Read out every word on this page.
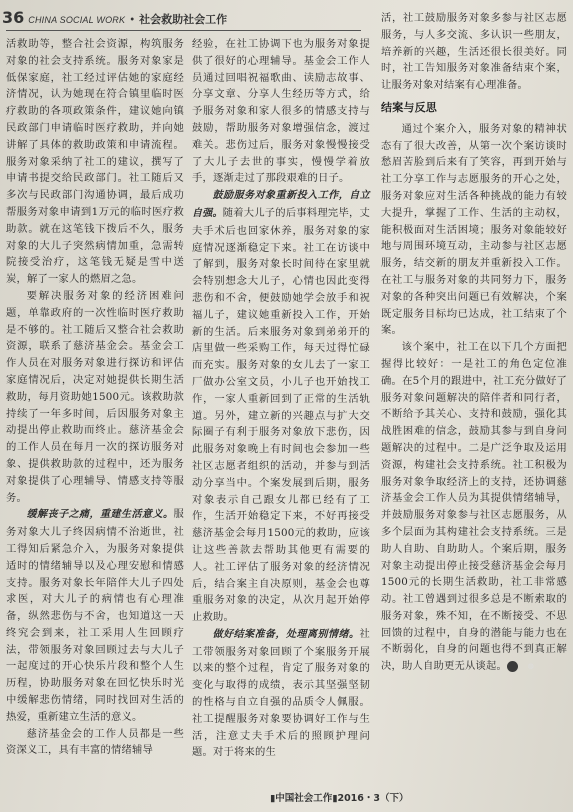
36 CHINA SOCIAL WORK • 社会救助社会工作

活救助等，整合社会资源，构筑服务对象的社会支持系统。服务对象家是低保家庭，社工经过评估她的家庭经济情况，认为她现在符合镇里临时医疗救助的各项政策条件，建议她向镇民政部门申请临时医疗救助，并向她讲解了具体的救助政策和申请流程。服务对象采纳了社工的建议，撰写了申请书提交给民政部门。社工随后又多次与民政部门沟通协调，最后成功帮服务对象申请到1万元的临时医疗救助款。就在这笔钱下拨后不久，服务对象的大儿子突然病情加重，急需转院接受治疗，这笔钱无疑是雪中送炭，解了一家人的燃眉之急。

要解决服务对象的经济困难问题，单靠政府的一次性临时医疗救助是不够的。社工随后又整合社会救助资源，联系了慈济基金会。基金会工作人员在对服务对象进行探访和评估家庭情况后，决定对她提供长期生活救助，每月资助她1500元。该救助款持续了一年多时间，后因服务对象主动提出停止救助而终止。慈济基金会的工作人员在每月一次的探访服务对象、提供救助款的过程中，还为服务对象提供了心理辅导、情感支持等服务。

缓解丧子之痛，重建生活意义。服务对象大儿子终因病情不治逝世，社工得知后紧急介入，为服务对象提供适时的情绪辅导以及心理安慰和情感支持。服务对象长年陪伴大儿子四处求医，对大儿子的病情也有心理准备，纵然悲伤与不舍，也知道这一天终究会到来，社工采用人生回顾疗法，带领服务对象回顾过去与大儿子一起度过的开心快乐片段和整个人生历程，协助服务对象在回忆快乐时光中缓解悲伤情绪，同时找回对生活的热爱，重新建立生活的意义。

慈济基金会的工作人员都是一些资深义工，具有丰富的情绪辅导

经验，在社工协调下也为服务对象提供了很好的心理辅导。基金会工作人员通过回唱祝福歌曲、读励志故事、分享文章、分享人生经历等方式，给予服务对象和家人很多的情感支持与鼓励，帮助服务对象增强信念，渡过难关。悲伤过后，服务对象慢慢接受了大儿子去世的事实，慢慢学着放手，逐渐走过了那段艰难的日子。

鼓励服务对象重新投入工作，自立自强。随着大儿子的后事料理完毕，丈夫手术后也回家休养，服务对象的家庭情况逐渐稳定下来。社工在访谈中了解到，服务对象长时间待在家里就会特别想念大儿子，心情也因此变得悲伤和不舍，便鼓励她学会放手和祝福儿子，建议她重新投入工作，开始新的生活。后来服务对象到弟弟开的店里做一些采购工作，每天过得忙碌而充实。服务对象的女儿去了一家工厂做办公室文员，小儿子也开始找工作，一家人重新回到了正常的生活轨道。另外，建立新的兴趣点与扩大交际圈子有利于服务对象放下悲伤，因此服务对象晚上有时间也会参加一些社区志愿者组织的活动，并参与到活动分享当中。个案发展到后期，服务对象表示自己跟女儿都已经有了工作，生活开始稳定下来，不好再接受慈济基金会每月1500元的救助，应该让这些善款去帮助其他更有需要的人。社工评估了服务对象的经济情况后，结合案主自决原则，基金会也尊重服务对象的决定，从次月起开始停止救助。

做好结案准备，处理离别情绪。社工带领服务对象回顾了个案服务开展以来的整个过程，肯定了服务对象的变化与取得的成绩，表示其坚强坚韧的性格与自立自强的品质令人佩服。社工提醒服务对象要协调好工作与生活，注意丈夫手术后的照顾护理问题。对于将来的生

活，社工鼓励服务对象多参与社区志愿服务，与人多交流、多认识一些朋友，培养新的兴趣，生活还很长很美好。同时，社工告知服务对象准备结束个案，让服务对象对结案有心理准备。

结案与反思

通过个案介入，服务对象的精神状态有了很大改善，从第一次个案访谈时愁眉苦脸到后来有了笑容，再到开始与社工分享工作与志愿服务的开心之处，服务对象应对生活各种挑战的能力有较大提升，掌握了工作、生活的主动权，能积极面对生活困境；服务对象能较好地与周围环境互动，主动参与社区志愿服务，结交新的朋友并重新投入工作。在社工与服务对象的共同努力下，服务对象的各种突出问题已有效解决，个案既定服务目标均已达成，社工结束了个案。

该个案中，社工在以下几个方面把握得比较好：一是社工的角色定位准确。在5个月的跟进中，社工充分做好了服务对象问题解决的陪伴者和同行者，不断给予其关心、支持和鼓励，强化其战胜困难的信念，鼓励其参与到自身问题解决的过程中。二是广泛争取及运用资源，构建社会支持系统。社工积极为服务对象争取经济上的支持，还协调慈济基金会工作人员为其提供情绪辅导，并鼓励服务对象参与社区志愿服务，从多个层面为其构建社会支持系统。三是助人自助、自助助人。个案后期，服务对象主动提出停止接受慈济基金会每月1500元的长期生活救助，社工非常感动。社工曾遇到过很多总是不断索取的服务对象，殊不知，在不断接受、不思回馈的过程中，自身的潜能与能力也在不断弱化，自身的问题也得不到真正解决，助人自助更无从谈起。	◍

▮中国社会工作▮2016・3（下）
